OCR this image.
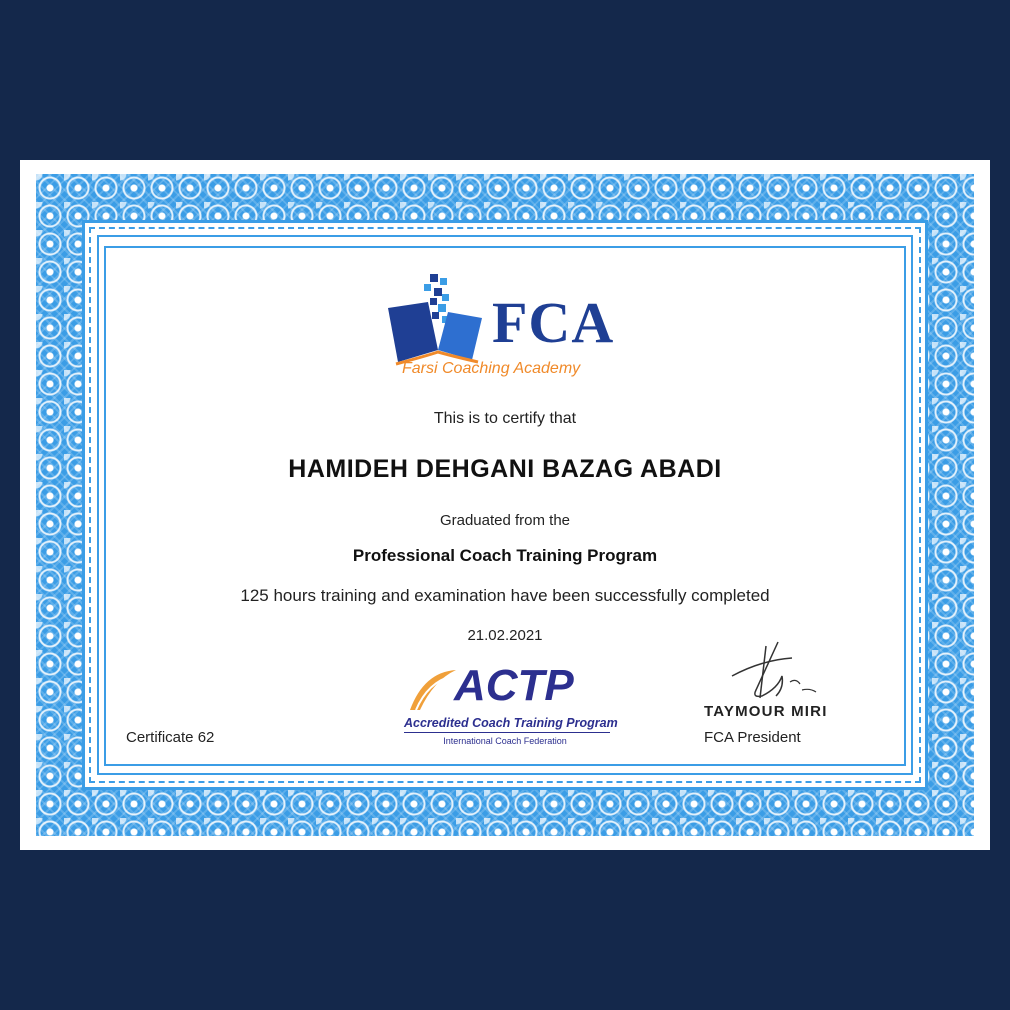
FCA
Farsi Coaching Academy
This is to certify that
HAMIDEH DEHGANI BAZAG ABADI
Graduated from the
Professional Coach Training Program
125 hours training and examination have been successfully completed
21.02.2021
Certificate 62
ACTP
Accredited Coach Training Program
International Coach Federation
TAYMOUR MIRI
FCA President
